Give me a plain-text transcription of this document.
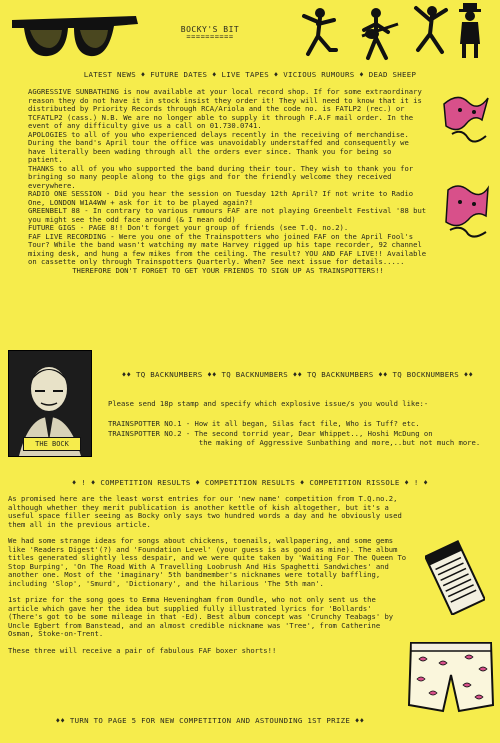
BOCKY'S BIT
==========
LATEST NEWS ♦ FUTURE DATES ♦ LIVE TAPES ♦ VICIOUS RUMOURS ♦ DEAD SHEEP

AGGRESSIVE SUNBATHING is now available at your local record shop. If for some extraordinary reason they do not have it in stock insist they order it! They will need to know that it is distributed by Priority Records through RCA/Ariola and the code no. is FATLP2 (rec.) or TCFATLP2 (cass.) N.B. We are no longer able to supply it through F.A.F mail order. In the event of any difficulty give us a call on 01.730.0741.

APOLOGIES to all of you who experienced delays recently in the receiving of merchandise. During the band's April tour the office was unavoidably understaffed and consequently we have literally been wading through all the orders ever since. Thank you for being so patient.

THANKS to all of you who supported the band during their tour. They wish to thank you for bringing so many people along to the gigs and for the friendly welcome they received everywhere.

RADIO ONE SESSION - Did you hear the session on Tuesday 12th April? If not write to Radio One, LONDON W1A4WW + ask for it to be played again?!

GREENBELT 88 - In contrary to various rumours FAF are not playing Greenbelt Festival '88 but you might see the odd face around (& I mean odd)

FUTURE GIGS - PAGE 8!! Don't forget your group of friends (see T.Q. no.2).

FAF LIVE RECORDING - Were you one of the Trainspotters who joined FAF on the April Fool's Tour? While the band wasn't watching my mate Harvey rigged up his tape recorder, 92 channel mixing desk, and hung a few mikes from the ceiling. The result? YOU AND FAF LIVE!! Available on cassette only through Trainspotters Quarterly. When? See next issue for details.....

THEREFORE DON'T FORGET TO GET YOUR FRIENDS TO SIGN UP AS TRAINSPOTTERS!!

THE BOCK
♦♦ TQ BACKNUMBERS ♦♦ TQ BACKNUMBERS ♦♦ TQ BACKNUMBERS ♦♦ TQ BOCKNUMBERS ♦♦

Please send 18p stamp and specify which explosive issue/s you would like:-

TRAINSPOTTER NO.1 - How it all began, Silas fact file, Who is Tuff? etc.

TRAINSPOTTER NO.2 - The second torrid year, Dear Whippet.., Hoshi McDung on
the making of Aggressive Sunbathing and more,..but not much more.

♦ ! ♦ COMPETITION RESULTS ♦ COMPETITION RESULTS ♦ COMPETITION RISSOLE ♦ ! ♦

As promised here are the least worst entries for our 'new name' competition from T.Q.no.2, although whether they merit publication is another kettle of kish altogether, but it's a useful space filler seeing as Bocky only says two hundred words a day and he obviously used them all in the previous article.

We had some strange ideas for songs about chickens, toenails, wallpapering, and some gems like 'Readers Digest'(?) and 'Foundation Level' (your guess is as good as mine). The album titles generated slightly less despair, and we were quite taken by 'Waiting For The Queen To Stop Burping', 'On The Road With A Travelling Loobrush And His Spaghetti Sandwiches' and another one. Most of the 'imaginary' 5th bandmember's nicknames were totally baffling, including 'Slop', 'Smurd', 'Dictionary', and the hilarious 'The 5th man'.

1st prize for the song goes to Emma Heveningham from Oundle, who not only sent us the article which gave her the idea but supplied fully illustrated lyrics for 'Bollards' (There's got to be some mileage in that -Ed). Best album concept was 'Crunchy Teabags' by Uncle Egbert from Banstead, and an almost credible nickname was 'Tree', from Catherine Osman, Stoke-on-Trent.

These three will receive a pair of fabulous FAF boxer shorts!!

♦♦ TURN TO PAGE 5 FOR NEW COMPETITION AND ASTOUNDING 1ST PRIZE ♦♦
